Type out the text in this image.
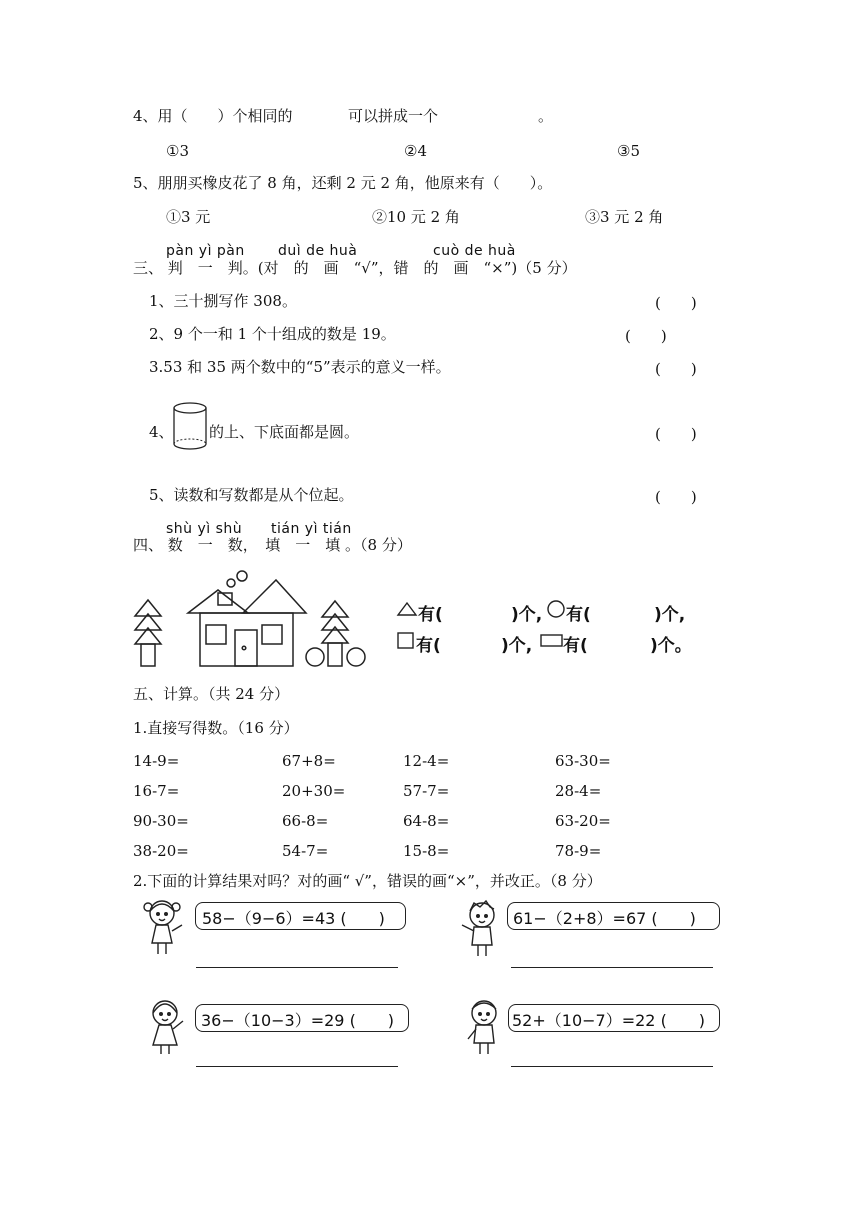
4、用（　　）个相同的	可以拼成一个	。
①3	②4	③5
5、朋朋买橡皮花了 8 角，还剩 2 元 2 角，他原来有（　　）。
①3 元	②10 元 2 角	③3 元 2 角
pàn yì pàn duì de huà	cuò de huà
三、 判　一　判。(对　的　画　“√”，错　的　画　“×”)（5 分）
1、三十捌写作 308。	(　　)
2、9 个一和 1 个十组成的数是 19。	(　　)
3.53 和 35 两个数中的“5”表示的意义一样。	(　　)
4、 的上、下底面都是圆。	(　　)
5、读数和写数都是从个位起。	(　　)
shù yì shù tián yì tián
四、 数　一　数，　填　一　填 。（8 分）
有(	)个, 有(	)个,
有(	)个, 有(	)个。
五、计算。（共 24 分）
1.直接写得数。（16 分）
14-9=	67+8=	12-4=	63-30=
16-7=	20+30=	57-7=	28-4=
90-30=	66-8=	64-8=	63-20=
38-20=	54-7=	15-8=	78-9=
2.下面的计算结果对吗？对的画“ √”，错误的画“×”，并改正。（8 分）
58−（9−6）=43 (　　)	61−（2+8）=67 (　　)
36−（10−3）=29 (　　)	52+（10−7）=22 (　　)
